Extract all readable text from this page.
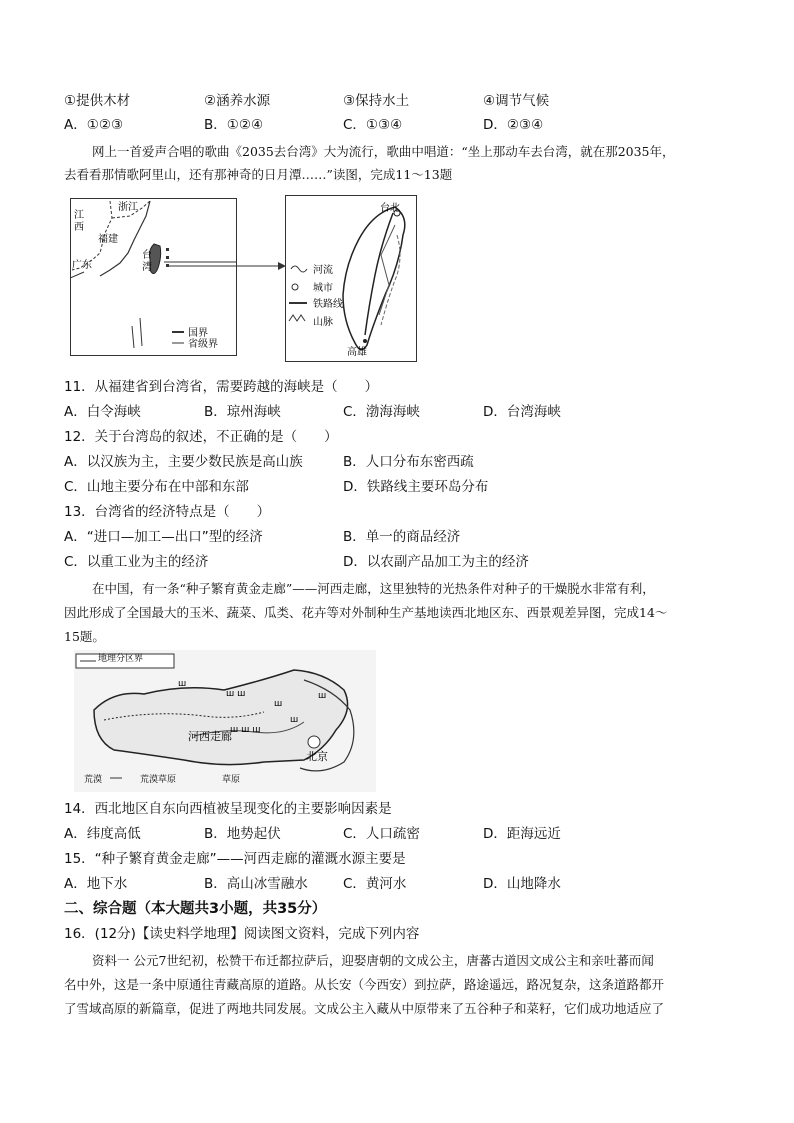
①提供木材	②涵养水源	③保持水土	④调节气候
A．①②③	B．①②④	C．①③④	D．②③④
网上一首爱声合唱的歌曲《2035去台湾》大为流行，歌曲中唱道：“坐上那动车去台湾，就在那2035年，
去看看那情歌阿里山，还有那神奇的日月潭……”读图，完成11～13题
江
西
浙江
福建
广东
台
湾
国界
省级界
台北
高雄
河流
城市
铁路线
山脉
11．从福建省到台湾省，需要跨越的海峡是（　　）
A．白令海峡	B．琼州海峡	C．渤海海峡	D．台湾海峡
12．关于台湾岛的叙述，不正确的是（　　）
A．以汉族为主，主要少数民族是高山族	B．人口分布东密西疏
C．山地主要分布在中部和东部	D．铁路线主要环岛分布
13．台湾省的经济特点是（　　）
A．“进口—加工—出口”型的经济	B．单一的商品经济
C．以重工业为主的经济	D．以农副产品加工为主的经济
在中国，有一条“种子繁育黄金走廊”——河西走廊，这里独特的光热条件对种子的干燥脱水非常有利，
因此形成了全国最大的玉米、蔬菜、瓜类、花卉等对外制种生产基地读西北地区东、西景观差异图，完成14～
15题。
ш
ш ш
ш
ш ш ш
ш
ш
地理分区界
河西走廊
北京
荒漠	荒漠草原	草原
14．西北地区自东向西植被呈现变化的主要影响因素是
A．纬度高低	B．地势起伏	C．人口疏密	D．距海远近
15．“种子繁育黄金走廊”——河西走廊的灌溉水源主要是
A．地下水	B．高山冰雪融水	C．黄河水	D．山地降水
二、综合题（本大题共3小题，共35分）
16．(12分)【读史料学地理】阅读图文资料，完成下列内容
资料一 公元7世纪初，松赞干布迁都拉萨后，迎娶唐朝的文成公主，唐蕃古道因文成公主和亲吐蕃而闻
名中外，这是一条中原通往青藏高原的道路。从长安（今西安）到拉萨，路途遥远，路况复杂，这条道路都开
了雪域高原的新篇章，促进了两地共同发展。文成公主入藏从中原带来了五谷种子和菜籽，它们成功地适应了
